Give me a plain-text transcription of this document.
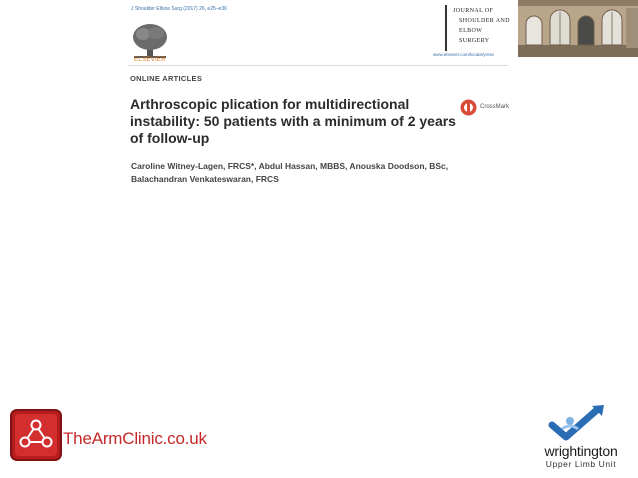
J Shoulder Elbow Surg (2017) 26, e25–e36
ELSEVIER
JOURNAL OF
SHOULDER AND
ELBOW
SURGERY
www.elsevier.com/locate/ymse
ONLINE ARTICLES
Arthroscopic plication for multidirectional instability: 50 patients with a minimum of 2 years of follow-up
CrossMark
Caroline Witney-Lagen, FRCS*, Abdul Hassan, MBBS, Anouska Doodson, BSc, Balachandran Venkateswaran, FRCS
TheArmClinic.co.uk
wrightington
Upper Limb Unit
